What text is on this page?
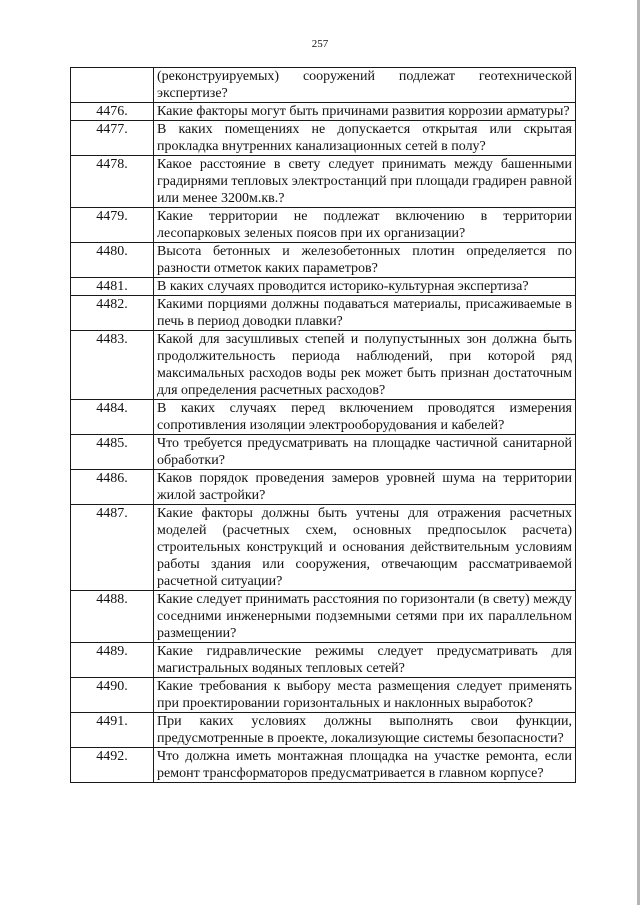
257
	(реконструируемых) сооружений подлежат геотехнической экспертизе?
4476.	Какие факторы могут быть причинами развития коррозии арматуры?
4477.	В каких помещениях не допускается открытая или скрытая прокладка внутренних канализационных сетей в полу?
4478.	Какое расстояние в свету следует принимать между башенными градирнями тепловых электростанций при площади градирен равной или менее 3200м.кв.?
4479.	Какие территории не подлежат включению в территории лесопарковых зеленых поясов при их организации?
4480.	Высота бетонных и железобетонных плотин определяется по разности отметок каких параметров?
4481.	В каких случаях проводится историко-культурная экспертиза?
4482.	Какими порциями должны подаваться материалы, присаживаемые в печь в период доводки плавки?
4483.	Какой для засушливых степей и полупустынных зон должна быть продолжительность периода наблюдений, при которой ряд максимальных расходов воды рек может быть признан достаточным для определения расчетных расходов?
4484.	В каких случаях перед включением проводятся измерения сопротивления изоляции электрооборудования и кабелей?
4485.	Что требуется предусматривать на площадке частичной санитарной обработки?
4486.	Каков порядок проведения замеров уровней шума на территории жилой застройки?
4487.	Какие факторы должны быть учтены для отражения расчетных моделей (расчетных схем, основных предпосылок расчета) строительных конструкций и основания действительным условиям работы здания или сооружения, отвечающим рассматриваемой расчетной ситуации?
4488.	Какие следует принимать расстояния по горизонтали (в свету) между соседними инженерными подземными сетями при их параллельном размещении?
4489.	Какие гидравлические режимы следует предусматривать для магистральных водяных тепловых сетей?
4490.	Какие требования к выбору места размещения следует применять при проектировании горизонтальных и наклонных выработок?
4491.	При каких условиях должны выполнять свои функции, предусмотренные в проекте, локализующие системы безопасности?
4492.	Что должна иметь монтажная площадка на участке ремонта, если ремонт трансформаторов предусматривается в главном корпусе?
